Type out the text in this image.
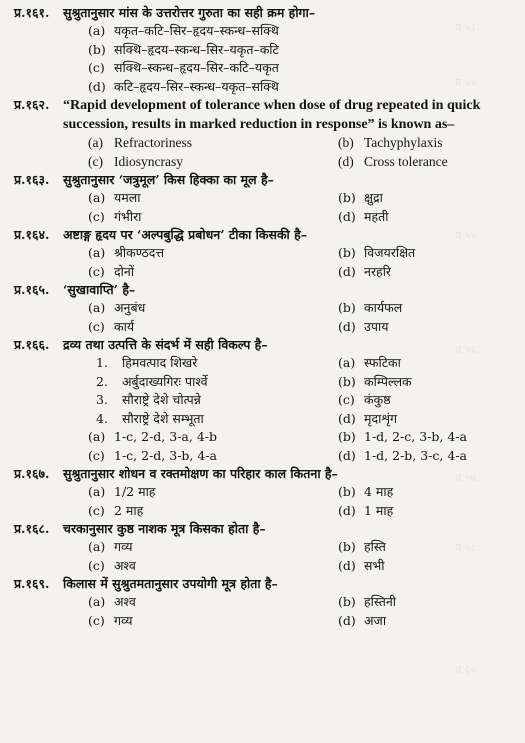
प्र.५३.
प्र.५४.
प्र.५५.
प्र.५६.
प्र.५७.
प्र.५८.
प्र.६०.
प्र.१६१.	सुश्रुतानुसार मांस के उत्तरोत्तर गुरुता का सही क्रम होगा–
(a) यकृत–कटि–सिर–हृदय–स्कन्ध–सक्थि
(b) सक्थि–हृदय–स्कन्ध–सिर–यकृत–कटि
(c) सक्थि–स्कन्ध–हृदय–सिर–कटि–यकृत
(d) कटि–हृदय–सिर–स्कन्ध–यकृत–सक्थि
प्र.१६२. “Rapid development of tolerance when dose of drug repeated in quick succession, results in marked reduction in response” is known as–
(a) Refractoriness	(b) Tachyphylaxis
(c) Idiosyncrasy	(d) Cross tolerance
प्र.१६३.	सुश्रुतानुसार ‘जत्रुमूल’ किस हिक्का का मूल है–
(a) यमला	(b) क्षुद्रा
(c) गंभीरा	(d) महती
प्र.१६४.	अष्टाङ्ग हृदय पर ‘अल्पबुद्धि प्रबोधन’ टीका किसकी है–
(a) श्रीकण्ठदत्त	(b) विजयरक्षित
(c) दोनों	(d) नरहरि
प्र.१६५.	‘सुखावाप्ति’ है–
(a) अनुबंध	(b) कार्यफल
(c) कार्य	(d) उपाय
प्र.१६६.	द्रव्य तथा उत्पत्ति के संदर्भ में सही विकल्प है–
1.	हिमवत्पाद शिखरे	(a) स्फटिका
2.	अर्बुदाख्यगिरः पार्श्वे	(b) कम्पिल्लक
3.	सौराष्ट्रे देशे चोत्पन्ने	(c) कंकुष्ठ
4.	सौराष्ट्रे देशे सम्भूता	(d) मृदाशृंग
(a) 1-c, 2-d, 3-a, 4-b	(b) 1-d, 2-c, 3-b, 4-a
(c) 1-c, 2-d, 3-b, 4-a	(d) 1-d, 2-b, 3-c, 4-a
प्र.१६७.	सुश्रुतानुसार शोधन व रक्तमोक्षण का परिहार काल कितना है–
(a) 1/2 माह	(b) 4 माह
(c) 2 माह	(d) 1 माह
प्र.१६८.	चरकानुसार कुष्ठ नाशक मूत्र किसका होता है–
(a) गव्य	(b) हस्ति
(c) अश्व	(d) सभी
प्र.१६९.	किलास में सुश्रुतमतानुसार उपयोगी मूत्र होता है–
(a) अश्व	(b) हस्तिनी
(c) गव्य	(d) अजा
